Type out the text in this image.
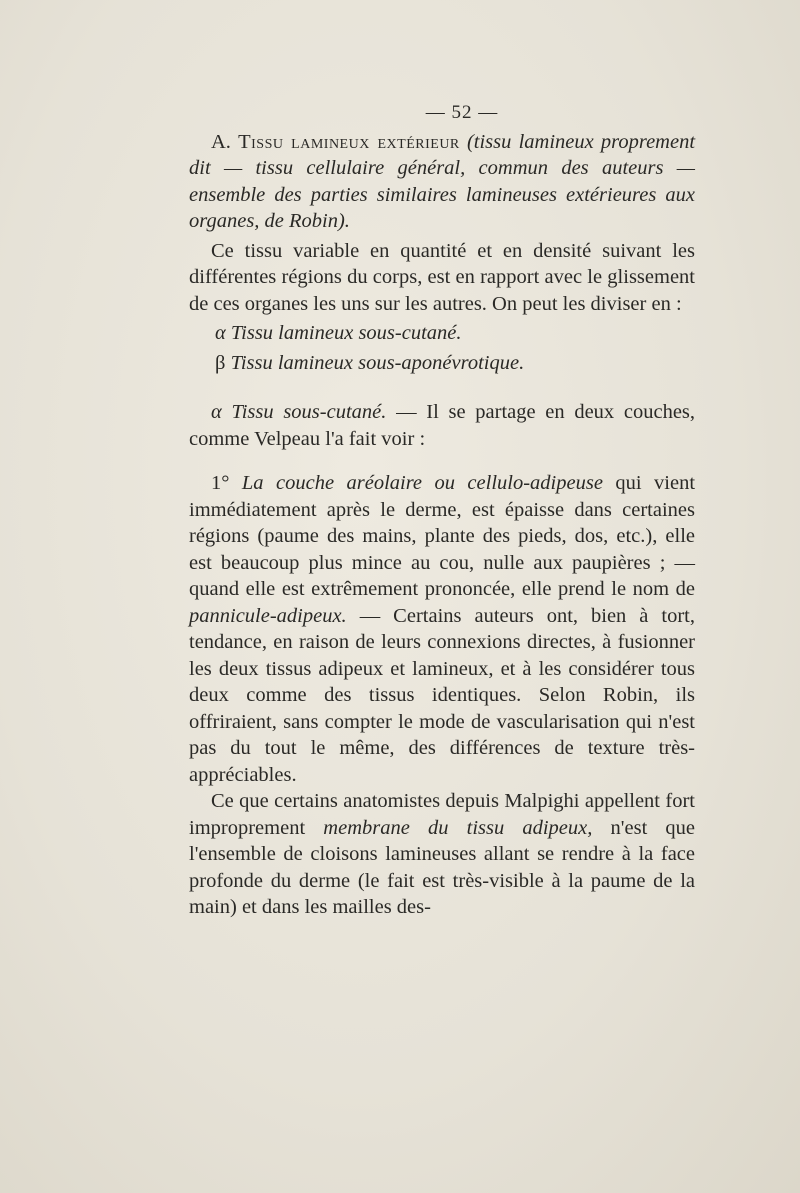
— 52 —

A. Tissu lamineux extérieur (tissu lamineux proprement dit — tissu cellulaire général, commun des auteurs — ensemble des parties similaires lamineuses extérieures aux organes, de Robin).

Ce tissu variable en quantité et en densité suivant les différentes régions du corps, est en rapport avec le glissement de ces organes les uns sur les autres. On peut les diviser en :

α Tissu lamineux sous-cutané.

β Tissu lamineux sous-aponévrotique.

α Tissu sous-cutané. — Il se partage en deux couches, comme Velpeau l'a fait voir :

1° La couche aréolaire ou cellulo-adipeuse qui vient immédiatement après le derme, est épaisse dans certaines régions (paume des mains, plante des pieds, dos, etc.), elle est beaucoup plus mince au cou, nulle aux paupières ; — quand elle est extrêmement prononcée, elle prend le nom de pannicule-adipeux. — Certains auteurs ont, bien à tort, tendance, en raison de leurs connexions directes, à fusionner les deux tissus adipeux et lamineux, et à les considérer tous deux comme des tissus identiques. Selon Robin, ils offriraient, sans compter le mode de vascularisation qui n'est pas du tout le même, des différences de texture très-appréciables.

Ce que certains anatomistes depuis Malpighi appellent fort improprement membrane du tissu adipeux, n'est que l'ensemble de cloisons lamineuses allant se rendre à la face profonde du derme (le fait est très-visible à la paume de la main) et dans les mailles des-
